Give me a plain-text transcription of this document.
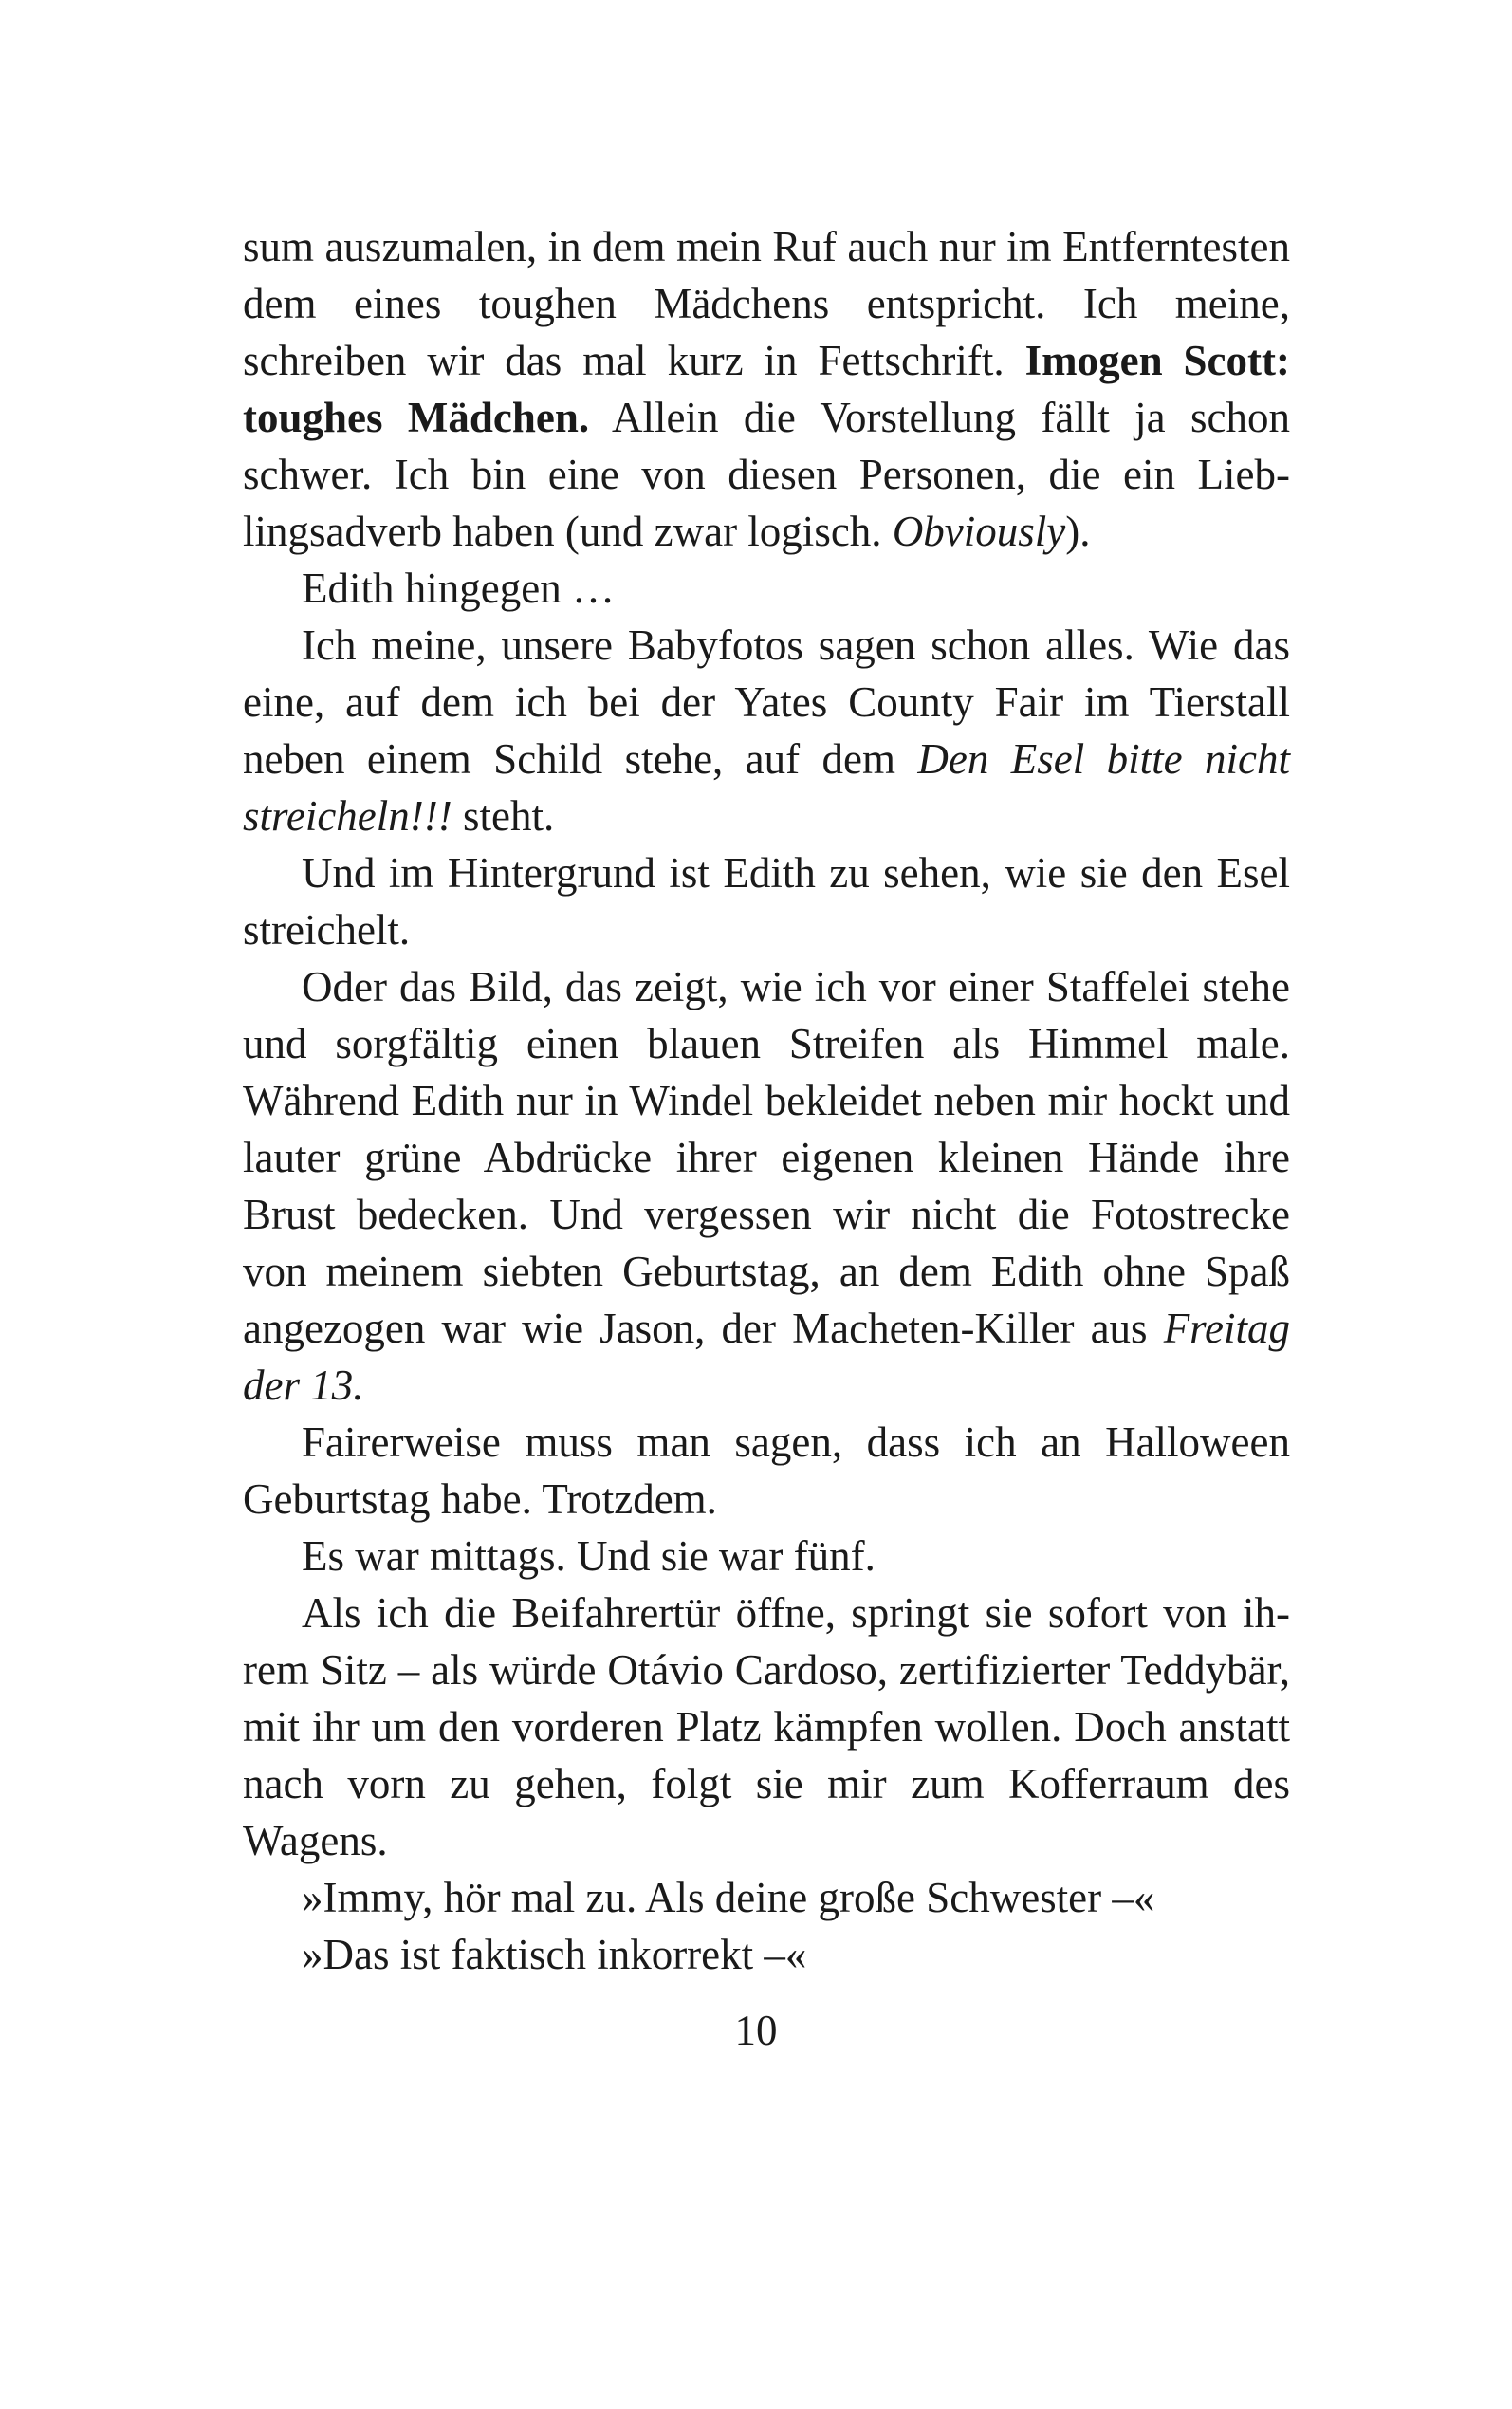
sum auszumalen, in dem mein Ruf auch nur im Entferntesten dem eines toughen Mädchens entspricht. Ich meine, schreiben wir das mal kurz in Fettschrift. Imogen Scott: toughes Mädchen. Allein die Vorstellung fällt ja schon schwer. Ich bin eine von diesen Personen, die ein Lieblingsadverb haben (und zwar logisch. Obviously).

Edith hingegen …

Ich meine, unsere Babyfotos sagen schon alles. Wie das eine, auf dem ich bei der Yates County Fair im Tierstall neben einem Schild stehe, auf dem Den Esel bitte nicht streicheln!!! steht.

Und im Hintergrund ist Edith zu sehen, wie sie den Esel streichelt.

Oder das Bild, das zeigt, wie ich vor einer Staffelei stehe und sorgfältig einen blauen Streifen als Himmel male. Während Edith nur in Windel bekleidet neben mir hockt und lauter grüne Abdrücke ihrer eigenen kleinen Hände ihre Brust bedecken. Und vergessen wir nicht die Fotostrecke von meinem siebten Geburtstag, an dem Edith ohne Spaß angezogen war wie Jason, der Macheten-Killer aus Freitag der 13.

Fairerweise muss man sagen, dass ich an Halloween Geburtstag habe. Trotzdem.

Es war mittags. Und sie war fünf.

Als ich die Beifahrertür öffne, springt sie sofort von ihrem Sitz – als würde Otávio Cardoso, zertifizierter Teddybär, mit ihr um den vorderen Platz kämpfen wollen. Doch anstatt nach vorn zu gehen, folgt sie mir zum Kofferraum des Wagens.

»Immy, hör mal zu. Als deine große Schwester –«

»Das ist faktisch inkorrekt –«

10
